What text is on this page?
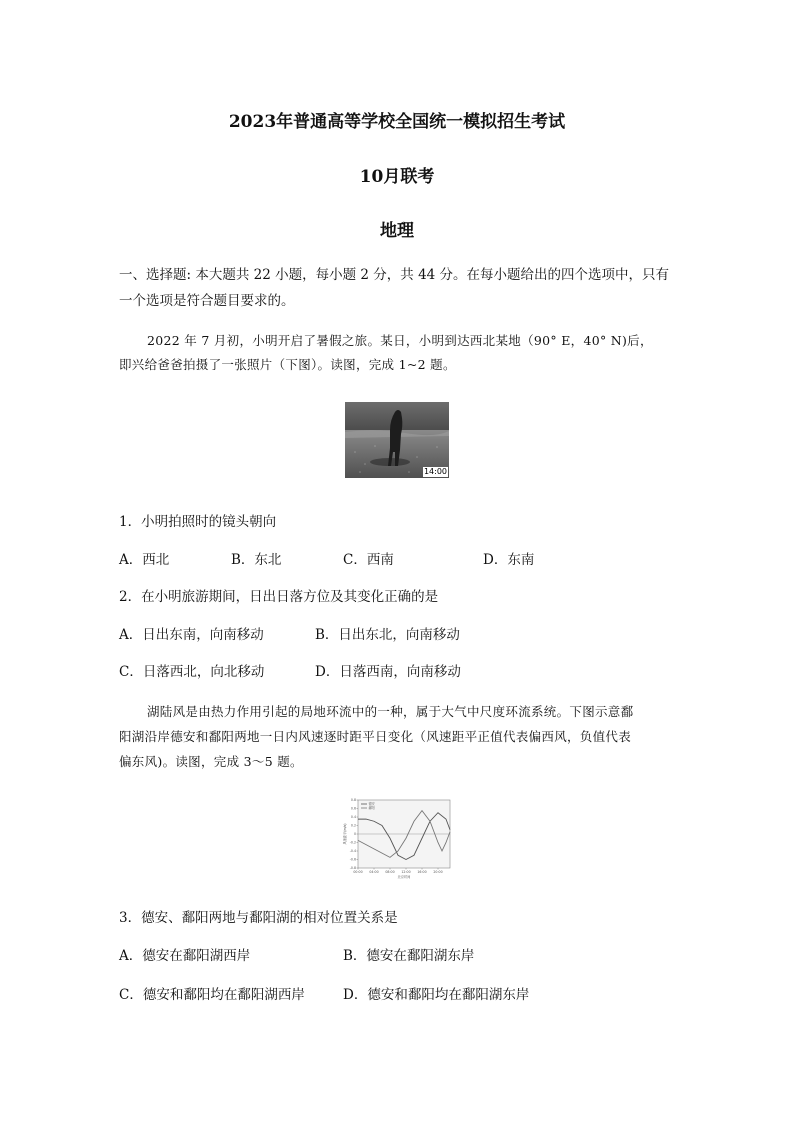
2023年普通高等学校全国统一模拟招生考试
10月联考
地理
一、选择题: 本大题共 22 小题，每小题 2 分，共 44 分。在每小题给出的四个选项中，只有
一个选项是符合题目要求的。
2022 年 7 月初，小明开启了暑假之旅。某日，小明到达西北某地（90° E，40° N)后，
即兴给爸爸拍摄了一张照片（下图）。读图，完成 1~2 题。
14:00
1．小明拍照时的镜头朝向
A．西北	B．东北	C．西南	D．东南
2．在小明旅游期间，日出日落方位及其变化正确的是
A．日出东南，向南移动	B．日出东北，向南移动
C．日落西北，向北移动	D．日落西南，向南移动
湖陆风是由热力作用引起的局地环流中的一种，属于大气中尺度环流系统。下图示意鄱
阳湖沿岸德安和鄱阳两地一日内风速逐时距平日变化（风速距平正值代表偏西风，负值代表
偏东风)。读图，完成 3～5 题。
0.8
0.6
0.4
0.2
0
-0.2
-0.4
-0.6
-0.8
00:00 04:00 08:00 12:00 16:00 20:00
北京时间
风速距平(m/s)
德安
鄱阳
3．德安、鄱阳两地与鄱阳湖的相对位置关系是
A．德安在鄱阳湖西岸	B．德安在鄱阳湖东岸
C．德安和鄱阳均在鄱阳湖西岸	D．德安和鄱阳均在鄱阳湖东岸
